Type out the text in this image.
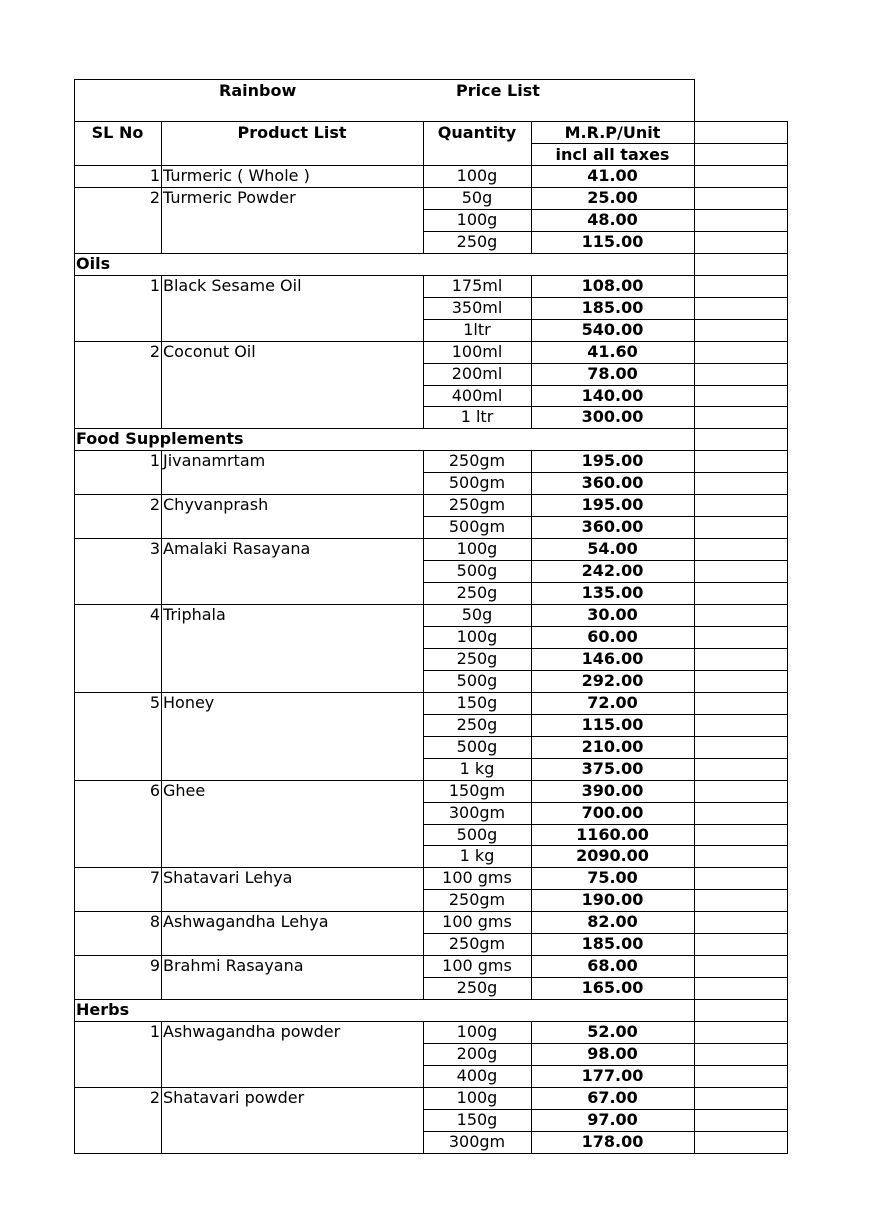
Rainbow	Price List
SL No	Product List	Quantity	M.R.P/Unit
incl all taxes
1 Turmeric ( Whole )	100g	41.00
2 Turmeric Powder	50g	25.00
100g	48.00
250g	115.00
Oils
1 Black Sesame Oil	175ml	108.00
350ml	185.00
1ltr	540.00
2 Coconut Oil	100ml	41.60
200ml	78.00
400ml	140.00
1 ltr	300.00
Food Supplements
1 Jivanamrtam	250gm	195.00
500gm	360.00
2 Chyvanprash	250gm	195.00
500gm	360.00
3 Amalaki Rasayana	100g	54.00
500g	242.00
250g	135.00
4 Triphala	50g	30.00
100g	60.00
250g	146.00
500g	292.00
5 Honey	150g	72.00
250g	115.00
500g	210.00
1 kg	375.00
6 Ghee	150gm	390.00
300gm	700.00
500g	1160.00
1 kg	2090.00
7 Shatavari Lehya	100 gms	75.00
250gm	190.00
8 Ashwagandha Lehya	100 gms	82.00
250gm	185.00
9 Brahmi Rasayana	100 gms	68.00
250g	165.00
Herbs
1 Ashwagandha powder	100g	52.00
200g	98.00
400g	177.00
2 Shatavari powder	100g	67.00
150g	97.00
300gm	178.00
